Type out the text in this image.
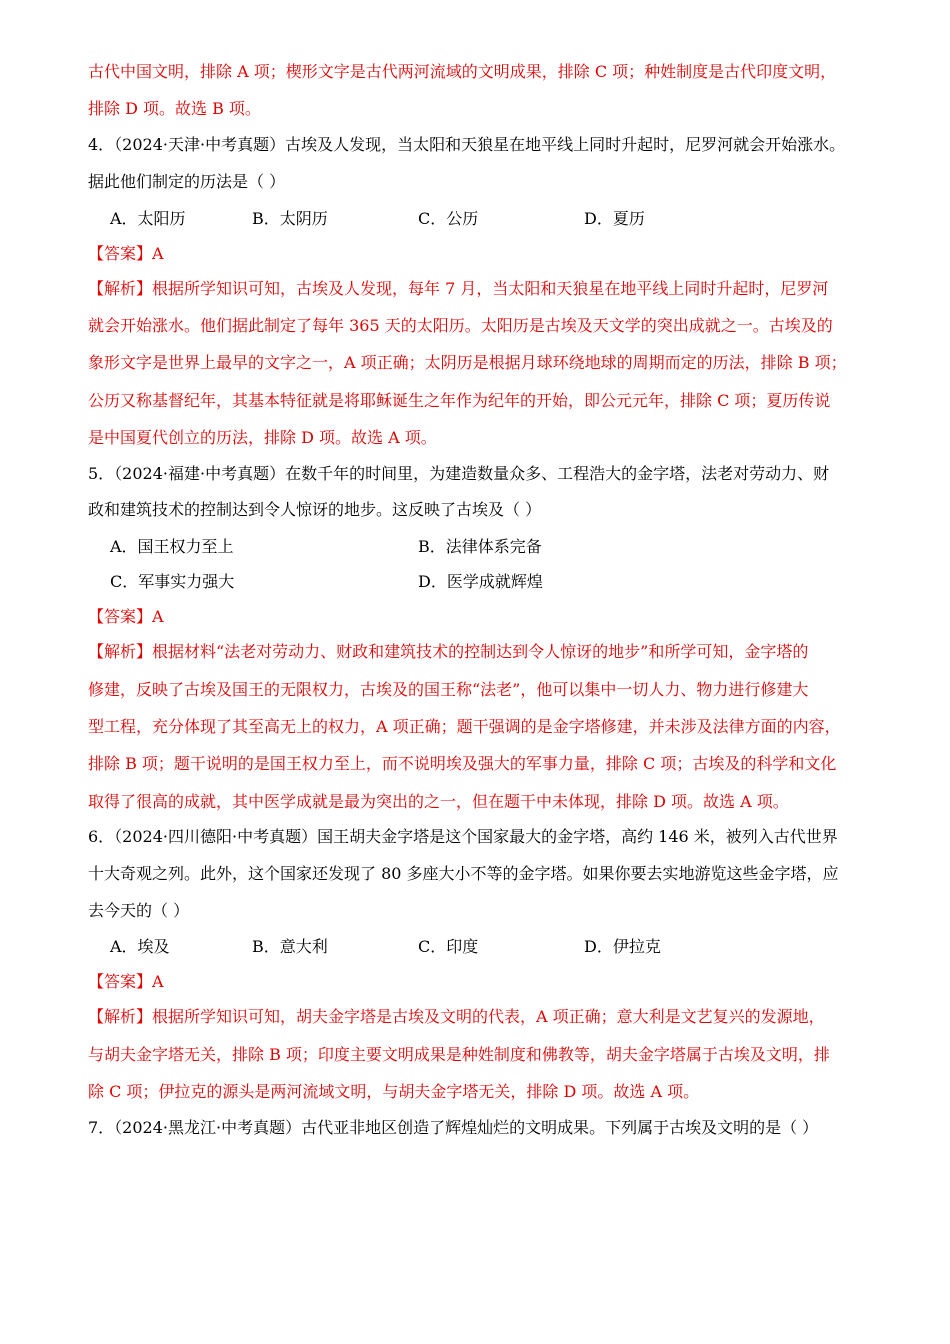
古代中国文明，排除 A 项；楔形文字是古代两河流域的文明成果，排除 C 项；种姓制度是古代印度文明，
排除 D 项。故选 B 项。
4．（2024·天津·中考真题）古埃及人发现，当太阳和天狼星在地平线上同时升起时，尼罗河就会开始涨水。
据此他们制定的历法是（ ）
A．太阳历	B．太阴历	C．公历	D．夏历
【答案】A
【解析】根据所学知识可知，古埃及人发现，每年 7 月，当太阳和天狼星在地平线上同时升起时，尼罗河
就会开始涨水。他们据此制定了每年 365 天的太阳历。太阳历是古埃及天文学的突出成就之一。古埃及的
象形文字是世界上最早的文字之一，A 项正确；太阴历是根据月球环绕地球的周期而定的历法，排除 B 项；
公历又称基督纪年，其基本特征就是将耶稣诞生之年作为纪年的开始，即公元元年，排除 C 项；夏历传说
是中国夏代创立的历法，排除 D 项。故选 A 项。
5．（2024·福建·中考真题）在数千年的时间里，为建造数量众多、工程浩大的金字塔，法老对劳动力、财
政和建筑技术的控制达到令人惊讶的地步。这反映了古埃及（ ）
A．国王权力至上	B．法律体系完备
C．军事实力强大	D．医学成就辉煌
【答案】A
【解析】根据材料“法老对劳动力、财政和建筑技术的控制达到令人惊讶的地步”和所学可知，金字塔的
修建，反映了古埃及国王的无限权力，古埃及的国王称“法老”，他可以集中一切人力、物力进行修建大
型工程，充分体现了其至高无上的权力，A 项正确；题干强调的是金字塔修建，并未涉及法律方面的内容，
排除 B 项；题干说明的是国王权力至上，而不说明埃及强大的军事力量，排除 C 项；古埃及的科学和文化
取得了很高的成就，其中医学成就是最为突出的之一，但在题干中未体现，排除 D 项。故选 A 项。
6．（2024·四川德阳·中考真题）国王胡夫金字塔是这个国家最大的金字塔，高约 146 米，被列入古代世界
十大奇观之列。此外，这个国家还发现了 80 多座大小不等的金字塔。如果你要去实地游览这些金字塔，应
去今天的（ ）
A．埃及	B．意大利	C．印度	D．伊拉克
【答案】A
【解析】根据所学知识可知，胡夫金字塔是古埃及文明的代表，A 项正确；意大利是文艺复兴的发源地，
与胡夫金字塔无关，排除 B 项；印度主要文明成果是种姓制度和佛教等，胡夫金字塔属于古埃及文明，排
除 C 项；伊拉克的源头是两河流域文明，与胡夫金字塔无关，排除 D 项。故选 A 项。
7．（2024·黑龙江·中考真题）古代亚非地区创造了辉煌灿烂的文明成果。下列属于古埃及文明的是（ ）
